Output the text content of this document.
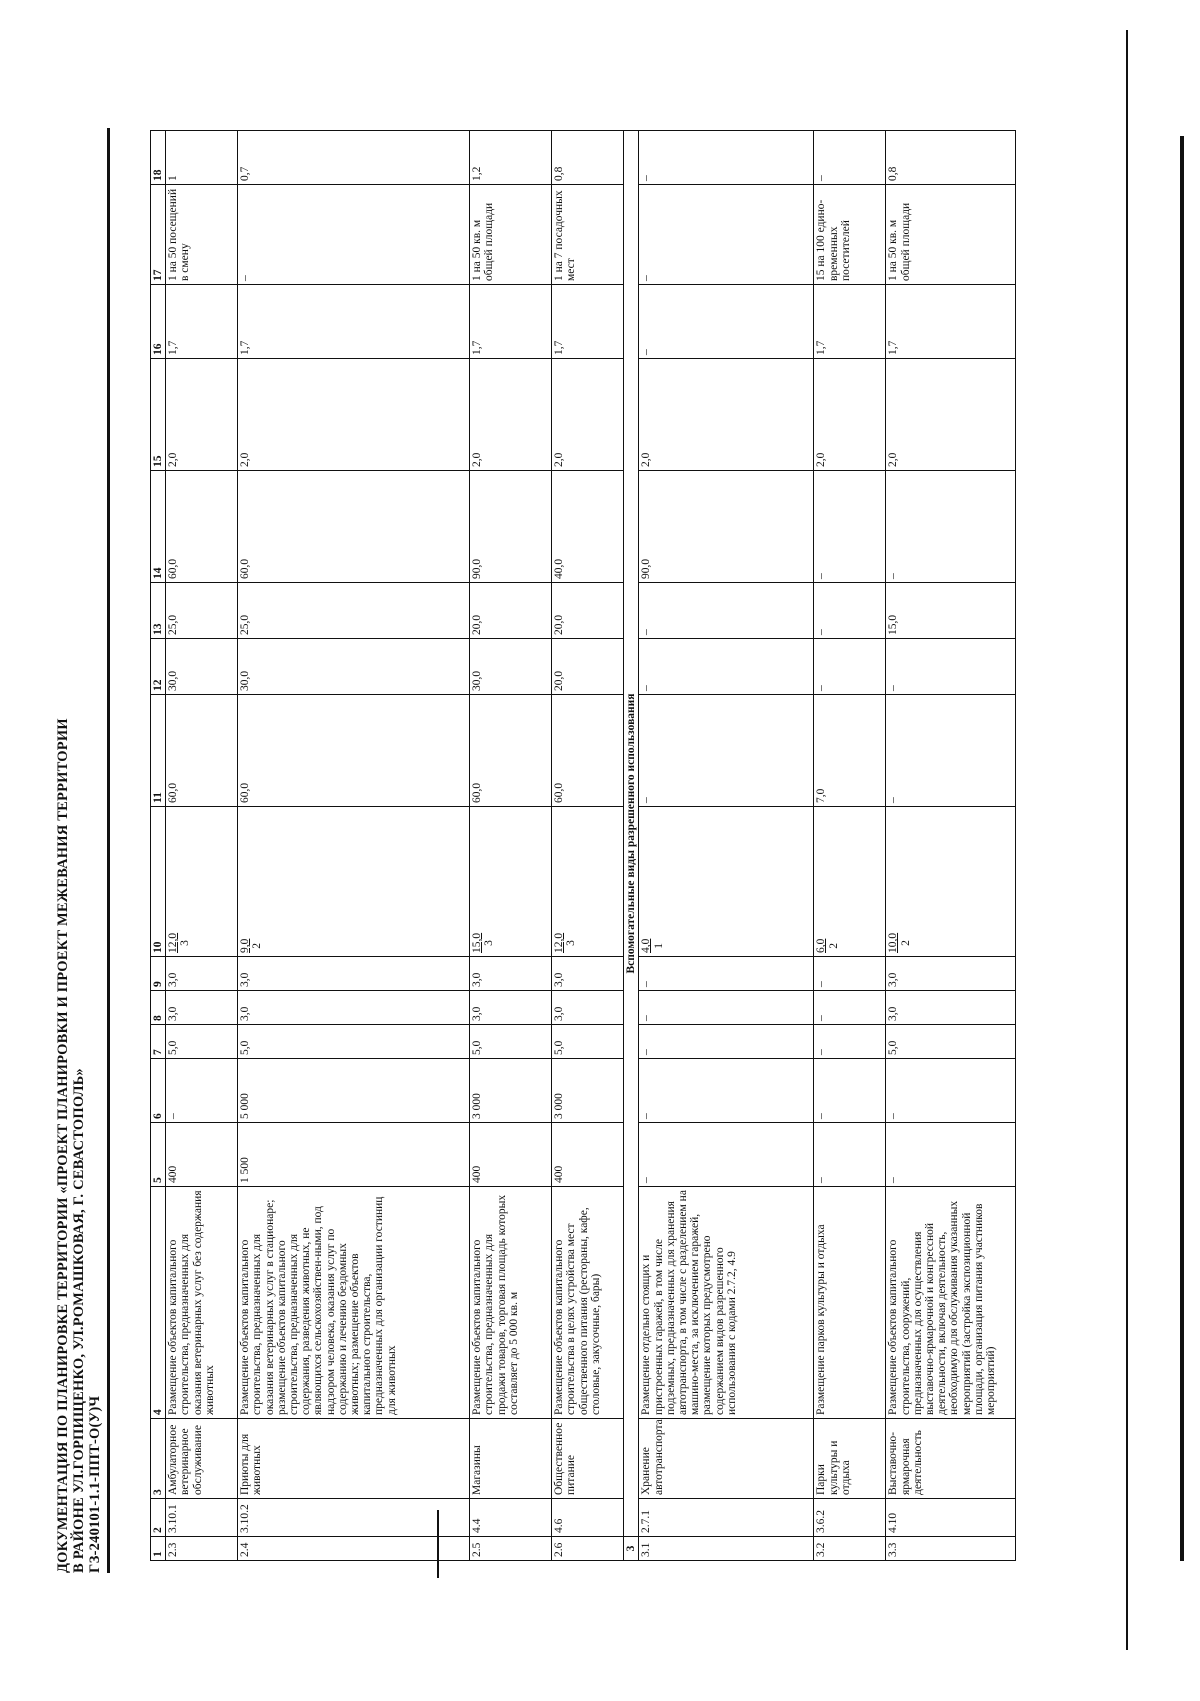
ДОКУМЕНТАЦИЯ ПО ПЛАНИРОВКЕ ТЕРРИТОРИИ «ПРОЕКТ ПЛАНИРОВКИ И ПРОЕКТ МЕЖЕВАНИЯ ТЕРРИТОРИИ В РАЙОНЕ УЛ.ГОРПИЩЕНКО, УЛ.РОМАШКОВАЯ, Г. СЕВАСТОПОЛЬ» ГЗ-240101-1.1-ППТ-О(У)Ч	1	2	3	4	5	6	7	8	9	10	11	12	13	14	15	16	17	18
2.3	3.10.1	Амбулаторное ветеринарное обслуживание	Размещение объектов капитального строительства, предназначенных для оказания ветеринарных услуг без содержания животных	400	–	5,0	3,0	3,0	12,0 3	60,0	30,0	25,0	60,0	2,0	1,7	1 на 50 посещений в смену	1
2.4	3.10.2	Приюты для животных	Размещение объектов капитального строительства, предназначенных для оказания ветеринарных услуг в стационаре; размещение объектов капитального строительства, предназначенных для содержания, разведения животных, не являющихся сельскохозяйствен-ными, под надзором человека, оказания услуг по содержанию и лечению бездомных животных; размещение объектов капитального строительства, предназначенных для организации гостиниц для животных	1 500	5 000	5,0	3,0	3,0	9,0 2	60,0	30,0	25,0	60,0	2,0	1,7	–	0,7
2.5	4.4	Магазины	Размещение объектов капитального строительства, предназначенных для продажи товаров, торговая площадь которых составляет до 5 000 кв. м	400	3 000	5,0	3,0	3,0	15,0 3	60,0	30,0	20,0	90,0	2,0	1,7	1 на 50 кв. м общей площади	1,2
2.6	4.6	Общественное питание	Размещение объектов капитального строительства в целях устройства мест общественного питания (рестораны, кафе, столовые, закусочные, бары)	400	3 000	5,0	3,0	3,0	12,0 3	60,0	20,0	20,0	40,0	2,0	1,7	1 на 7 посадочных мест	0,8
3	Вспомогательные виды разрешенного использования																
3.1	2.7.1	Хранение автотранспорта	Размещение отдельно стоящих и пристроенных гаражей, в том числе подземных, предназначенных для хранения автотранспорта, в том числе с разделением на машино-места, за исключением гаражей, размещение которых предусмотрено содержанием видов разрешенного использования с кодами 2.7.2, 4.9	–	–	–	–	–	4,0 1	–	–	–	90,0	2,0	–	–	–
3.2	3.6.2	Парки культуры и отдыха	Размещение парков культуры и отдыха	–	–	–	–	–	6,0 2	7,0	–	–	–	2,0	1,7	15 на 100 едино-временных посетителей	–
3.3	4.10	Выставочно-ярмарочная деятельность	Размещение объектов капитального строительства, сооружений, предназначенных для осуществления выставочно-ярмарочной и конгрессной деятельности, включая деятельность, необходимую для обслуживания указанных мероприятий (застройка экспозиционной площади, организация питания участников мероприятий)	–	–	5,0	3,0	3,0	10,0 2	–	–	15,0	–	2,0	1,7	1 на 50 кв. м общей площади	0,8
